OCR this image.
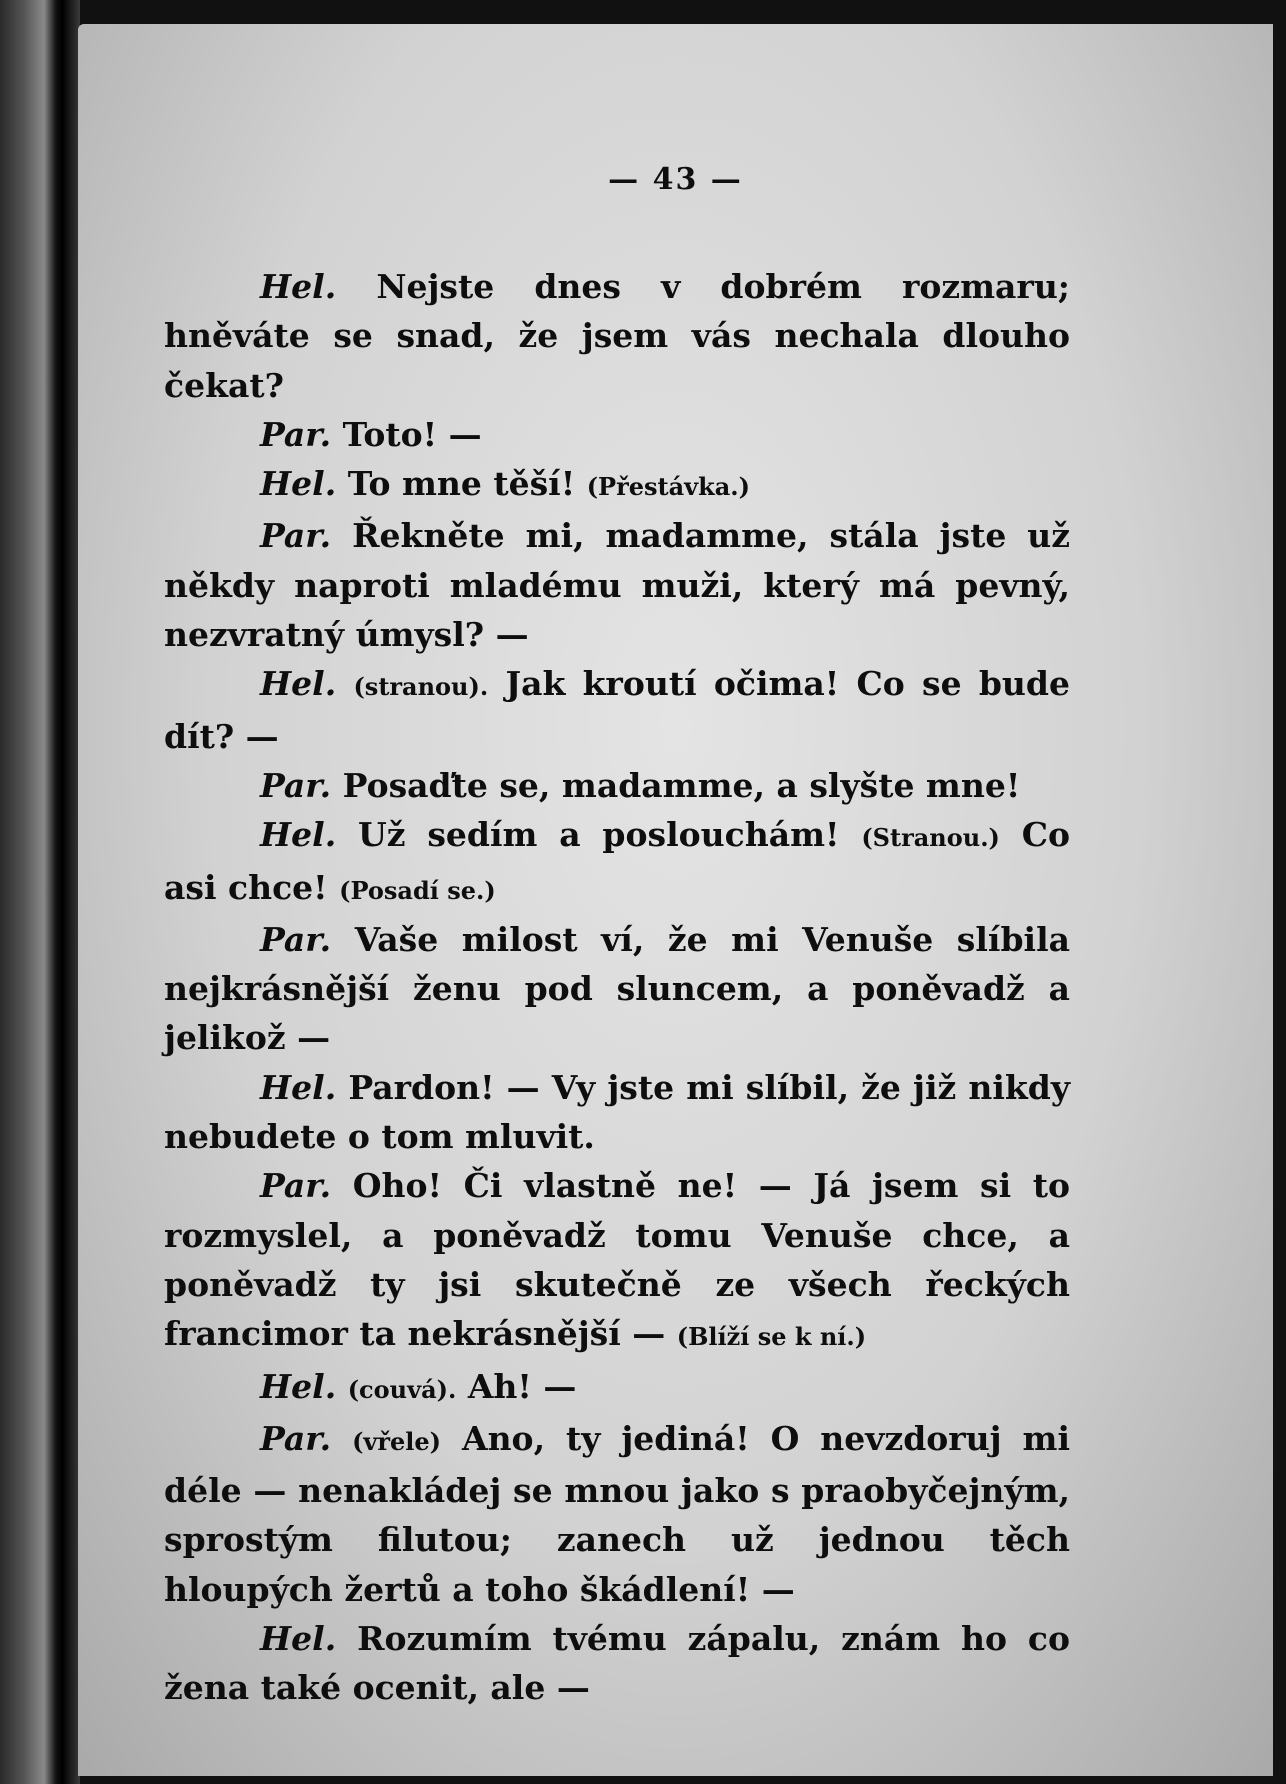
— 43 —

Hel. Nejste dnes v dobrém rozmaru; hněváte se snad, že jsem vás nechala dlouho čekat?

Par. Toto! —

Hel. To mne těší! (Přestávka.)

Par. Řekněte mi, madamme, stála jste už někdy naproti mladému muži, který má pevný, nezvratný úmysl? —

Hel. (stranou). Jak kroutí očima! Co se bude dít? —

Par. Posaďte se, madamme, a slyšte mne!

Hel. Už sedím a poslouchám! (Stranou.) Co asi chce! (Posadí se.)

Par. Vaše milost ví, že mi Venuše slíbila nejkrásnější ženu pod sluncem, a poněvadž a jelikož —

Hel. Pardon! — Vy jste mi slíbil, že již nikdy nebudete o tom mluvit.

Par. Oho! Či vlastně ne! — Já jsem si to rozmyslel, a poněvadž tomu Venuše chce, a poněvadž ty jsi skutečně ze všech řeckých francimor ta nekrásnější — (Blíží se k ní.)

Hel. (couvá). Ah! —

Par. (vřele) Ano, ty jediná! O nevzdoruj mi déle — nenakládej se mnou jako s praobyčejným, sprostým filutou; zanech už jednou těch hloupých žertů a toho škádlení! —

Hel. Rozumím tvému zápalu, znám ho co žena také ocenit, ale —
